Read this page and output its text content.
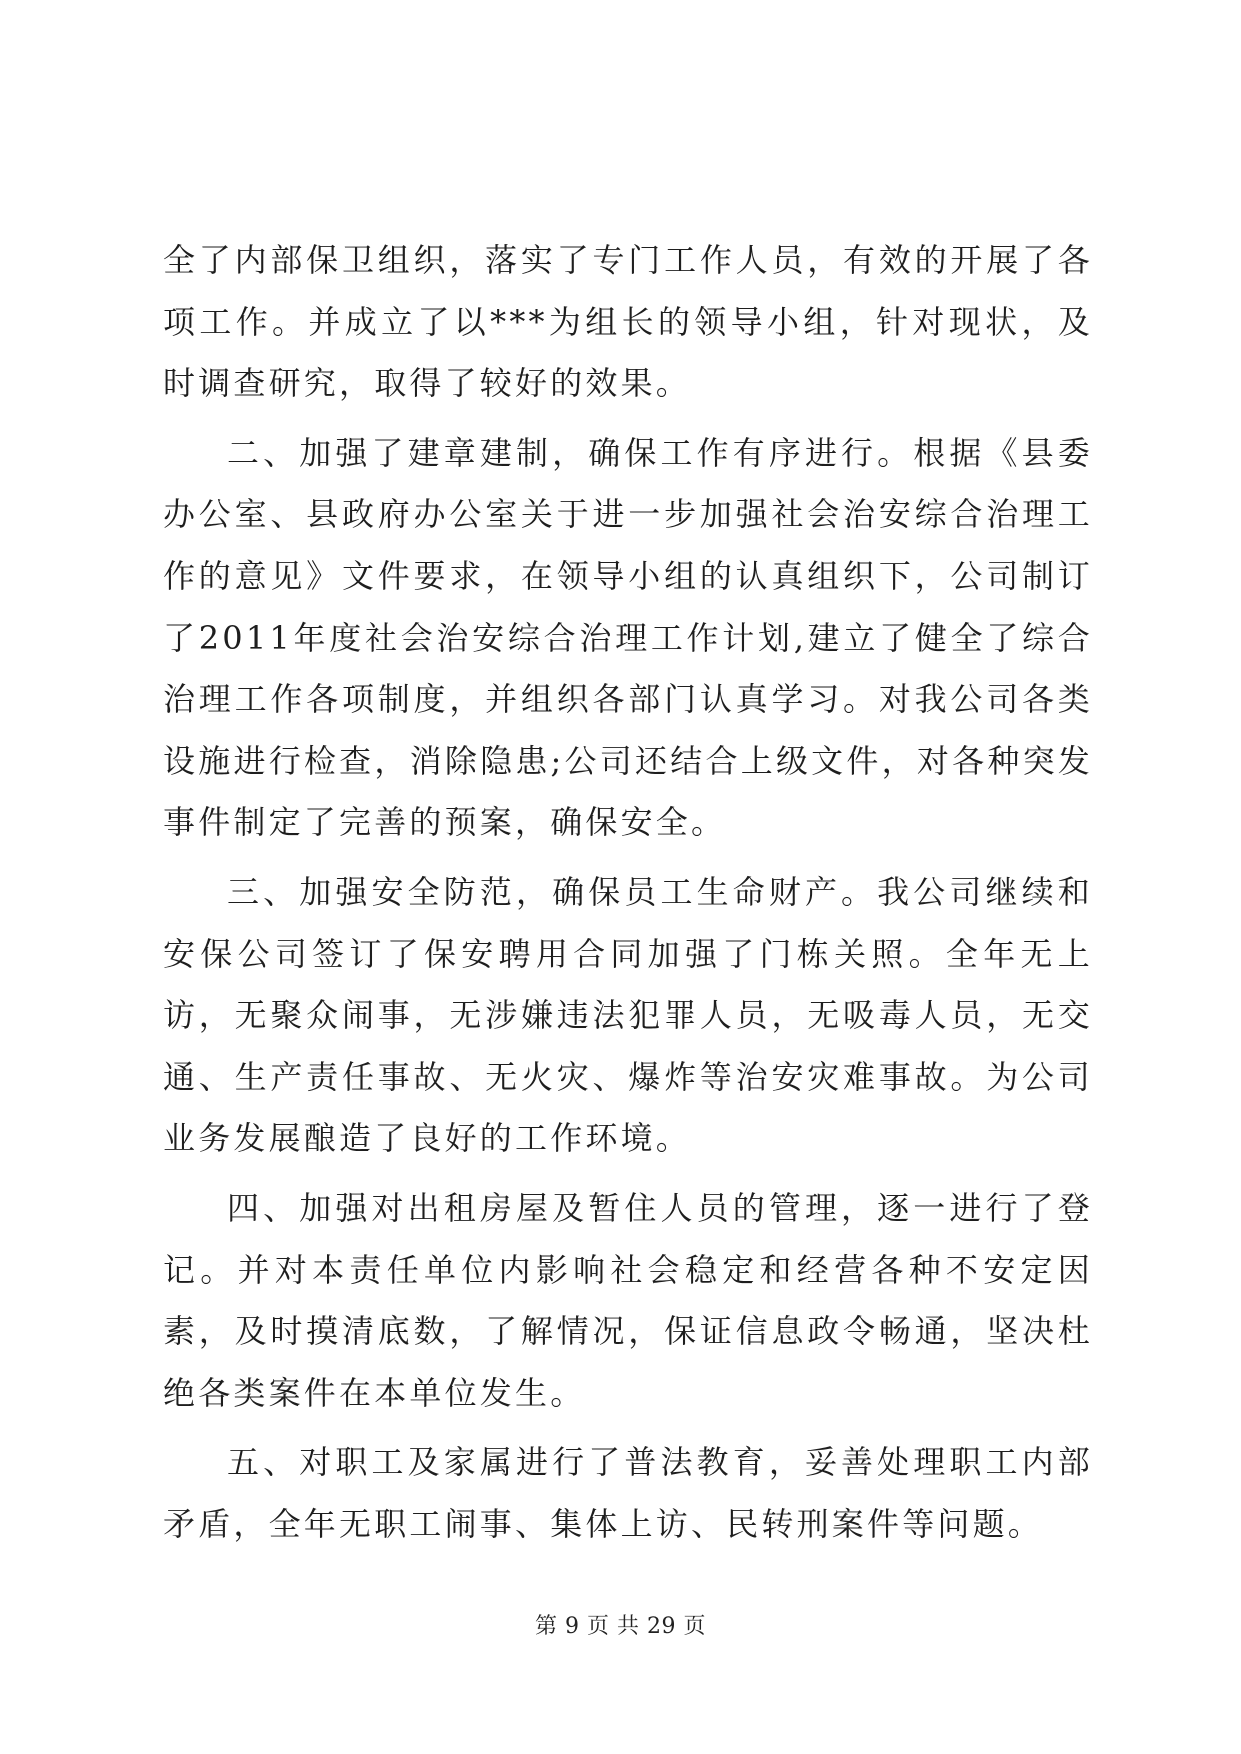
全了内部保卫组织，落实了专门工作人员，有效的开展了各项工作。并成立了以***为组长的领导小组，针对现状，及时调查研究，取得了较好的效果。

二、加强了建章建制，确保工作有序进行。根据《县委办公室、县政府办公室关于进一步加强社会治安综合治理工作的意见》文件要求，在领导小组的认真组织下，公司制订了2011年度社会治安综合治理工作计划,建立了健全了综合治理工作各项制度，并组织各部门认真学习。对我公司各类设施进行检查，消除隐患;公司还结合上级文件，对各种突发事件制定了完善的预案，确保安全。

三、加强安全防范，确保员工生命财产。我公司继续和安保公司签订了保安聘用合同加强了门栋关照。全年无上访，无聚众闹事，无涉嫌违法犯罪人员，无吸毒人员，无交通、生产责任事故、无火灾、爆炸等治安灾难事故。为公司业务发展酿造了良好的工作环境。

四、加强对出租房屋及暂住人员的管理，逐一进行了登记。并对本责任单位内影响社会稳定和经营各种不安定因素，及时摸清底数，了解情况，保证信息政令畅通，坚决杜绝各类案件在本单位发生。

五、对职工及家属进行了普法教育，妥善处理职工内部矛盾，全年无职工闹事、集体上访、民转刑案件等问题。

第 9 页 共 29 页
